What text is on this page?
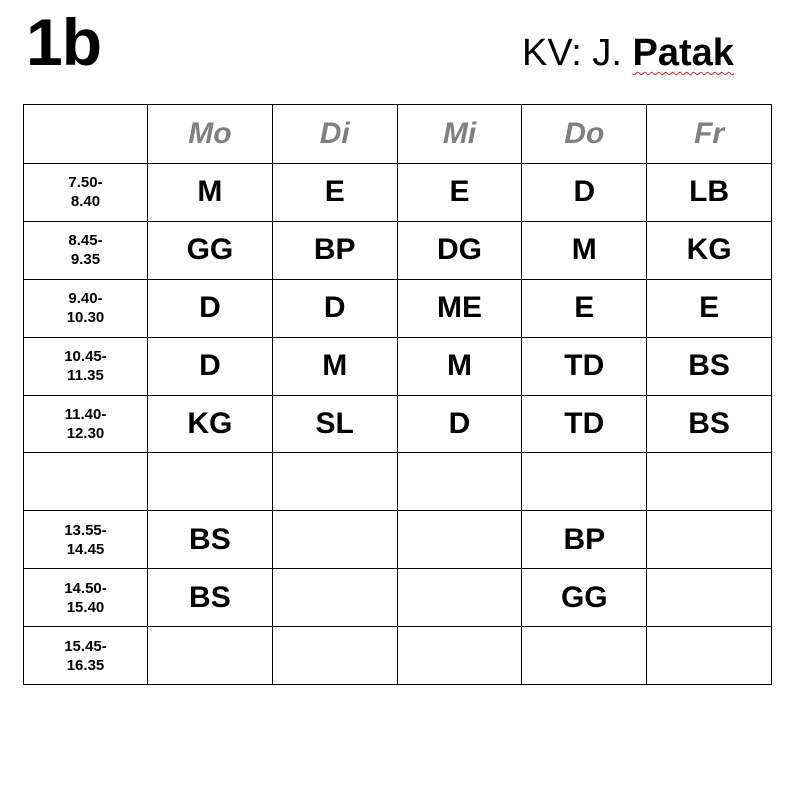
1b	KV: J. Patak
	Mo	Di	Mi	Do	Fr

7.50-
8.40	M	E	E	D	LB

8.45-
9.35	GG	BP	DG	M	KG

9.40-
10.30	D	D	ME	E	E

10.45-
11.35	D	M	M	TD	BS

11.40-
12.30	KG	SL	D	TD	BS

13.55-
14.45	BS			BP	

14.50-
15.40	BS			GG	

15.45-
16.35					
